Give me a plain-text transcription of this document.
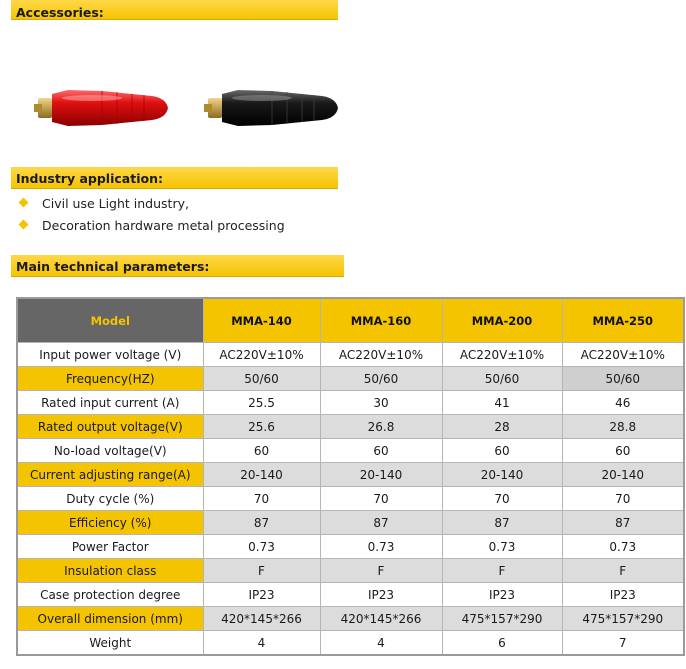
Accessories:
Industry application:
Civil use Light industry,
Decoration hardware metal processing
Main technical parameters:
Model	MMA-140	MMA-160	MMA-200	MMA-250
Input power voltage (V)	AC220V±10%	AC220V±10%	AC220V±10%	AC220V±10%
Frequency(HZ)	50/60	50/60	50/60	50/60
Rated input current (A)	25.5	30	41	46
Rated output voltage(V)	25.6	26.8	28	28.8
No-load voltage(V)	60	60	60	60
Current adjusting range(A)	20-140	20-140	20-140	20-140
Duty cycle (%)	70	70	70	70
Efficiency (%)	87	87	87	87
Power Factor	0.73	0.73	0.73	0.73
Insulation class	F	F	F	F
Case protection degree	IP23	IP23	IP23	IP23
Overall dimension (mm)	420*145*266	420*145*266	475*157*290	475*157*290
Weight	4	4	6	7
